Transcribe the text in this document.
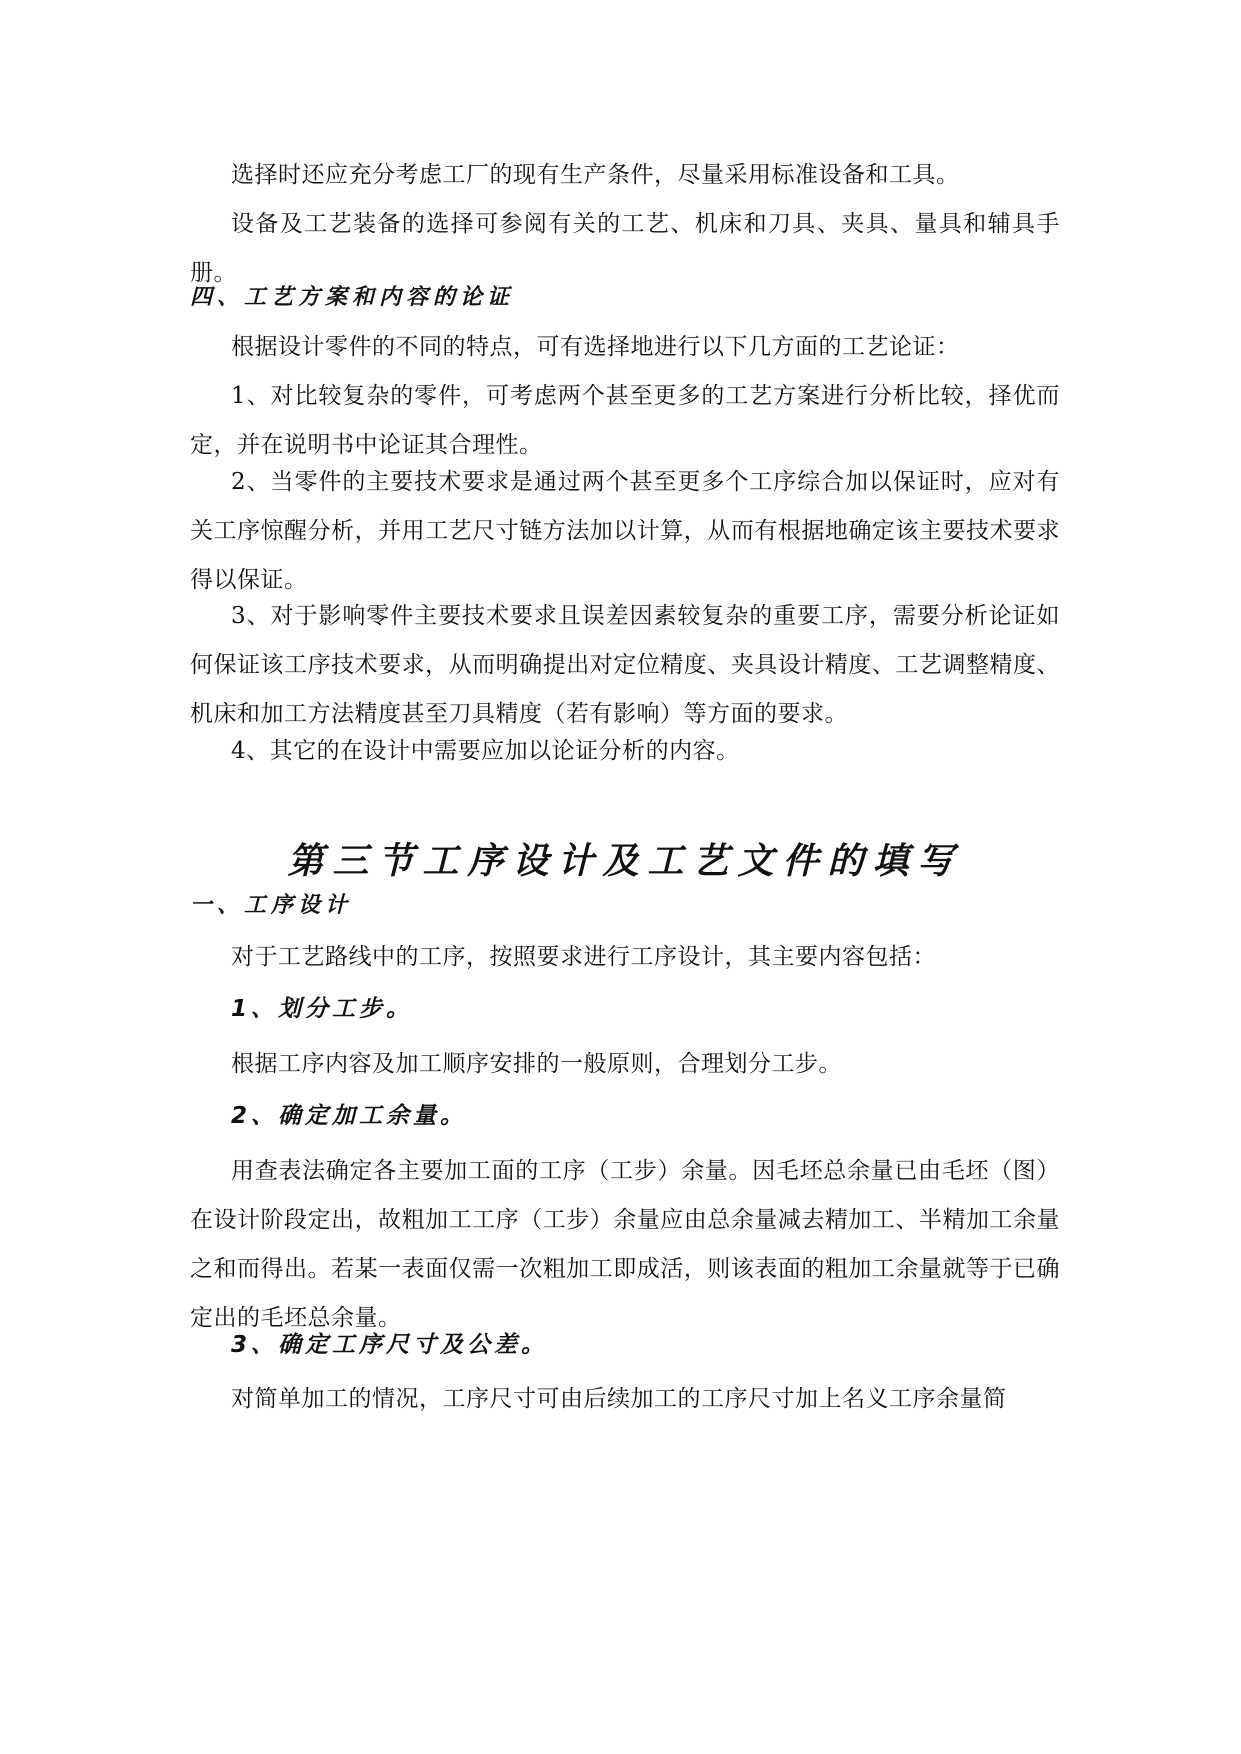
选择时还应充分考虑工厂的现有生产条件，尽量采用标准设备和工具。

设备及工艺装备的选择可参阅有关的工艺、机床和刀具、夹具、量具和辅具手册。

四、工艺方案和内容的论证

根据设计零件的不同的特点，可有选择地进行以下几方面的工艺论证：

1、对比较复杂的零件，可考虑两个甚至更多的工艺方案进行分析比较，择优而定，并在说明书中论证其合理性。

2、当零件的主要技术要求是通过两个甚至更多个工序综合加以保证时，应对有关工序惊醒分析，并用工艺尺寸链方法加以计算，从而有根据地确定该主要技术要求得以保证。

3、对于影响零件主要技术要求且误差因素较复杂的重要工序，需要分析论证如何保证该工序技术要求，从而明确提出对定位精度、夹具设计精度、工艺调整精度、机床和加工方法精度甚至刀具精度（若有影响）等方面的要求。

4、其它的在设计中需要应加以论证分析的内容。

第三节工序设计及工艺文件的填写
一、工序设计

对于工艺路线中的工序，按照要求进行工序设计，其主要内容包括：

1、划分工步。

根据工序内容及加工顺序安排的一般原则，合理划分工步。

2、确定加工余量。

用查表法确定各主要加工面的工序（工步）余量。因毛坯总余量已由毛坯（图）在设计阶段定出，故粗加工工序（工步）余量应由总余量减去精加工、半精加工余量之和而得出。若某一表面仅需一次粗加工即成活，则该表面的粗加工余量就等于已确定出的毛坯总余量。

3、确定工序尺寸及公差。

对简单加工的情况，工序尺寸可由后续加工的工序尺寸加上名义工序余量简
